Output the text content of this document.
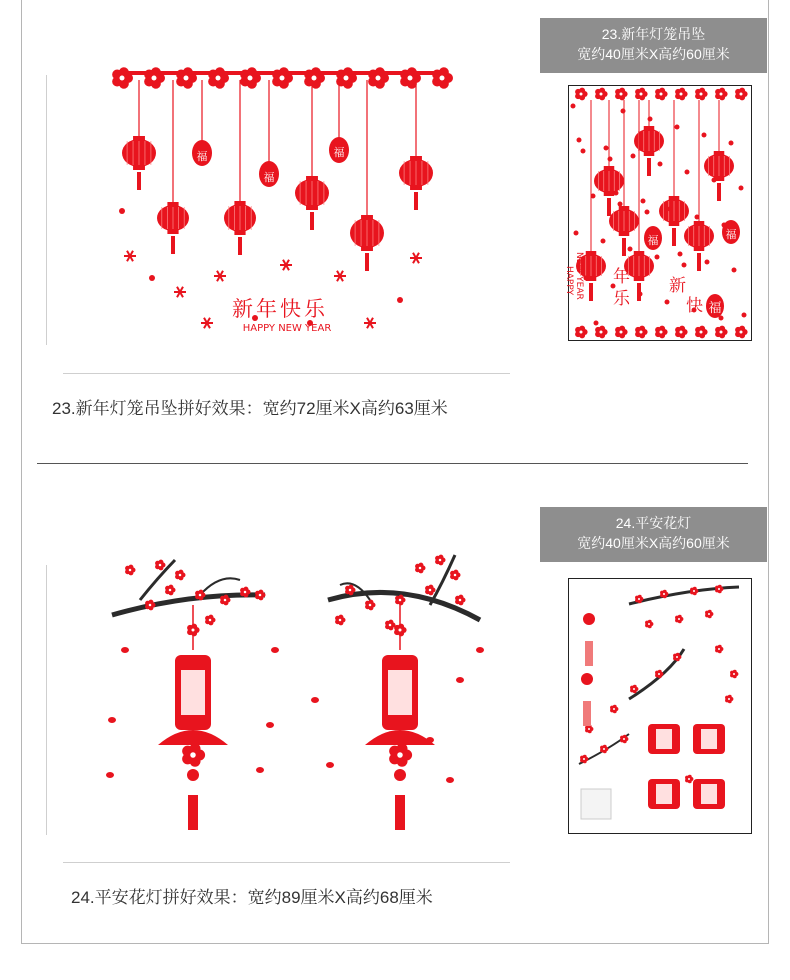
新年快乐
HAPPY NEW YEAR
福
福
福
23.新年灯笼吊坠拼好效果：宽约72厘米X高约63厘米
23.新年灯笼吊坠
宽约40厘米X高约60厘米
新
快
年
乐	福
福	福
NEW YEAR
HAPPY
24.平安花灯拼好效果：宽约89厘米X高约68厘米
24.平安花灯
宽约40厘米X高约60厘米
